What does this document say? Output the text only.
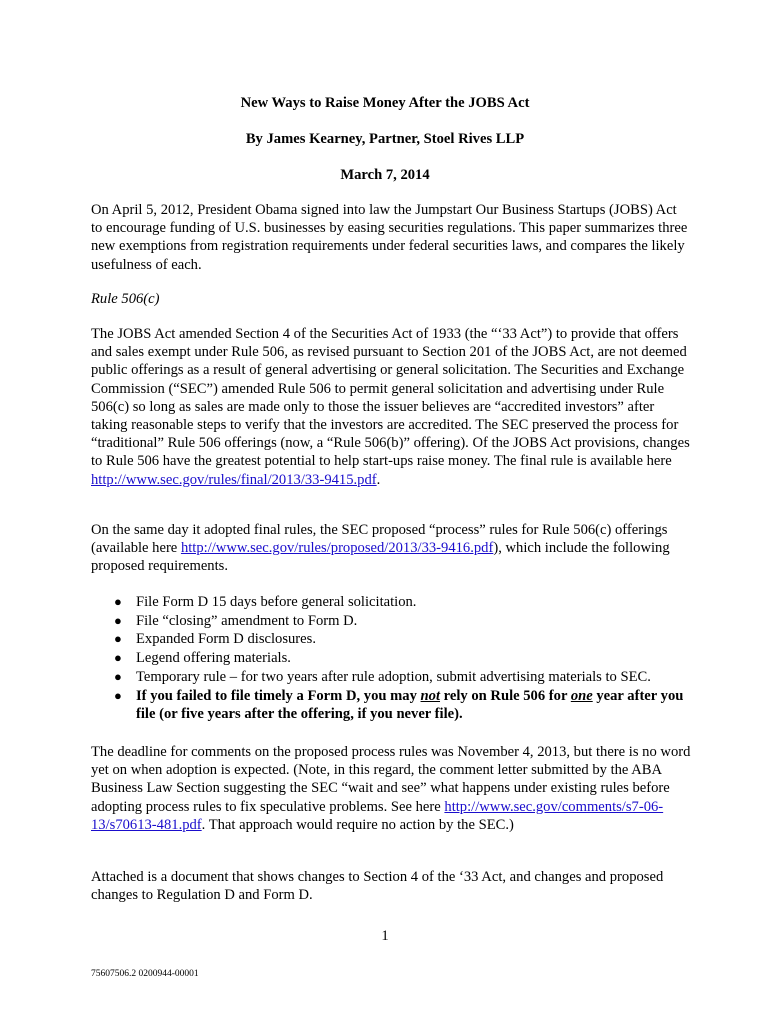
New Ways to Raise Money After the JOBS Act
By James Kearney, Partner, Stoel Rives LLP
March 7, 2014
On April 5, 2012, President Obama signed into law the Jumpstart Our Business Startups (JOBS) Act to encourage funding of U.S. businesses by easing securities regulations. This paper summarizes three new exemptions from registration requirements under federal securities laws, and compares the likely usefulness of each.
Rule 506(c)
The JOBS Act amended Section 4 of the Securities Act of 1933 (the “‘33 Act”) to provide that offers and sales exempt under Rule 506, as revised pursuant to Section 201 of the JOBS Act, are not deemed public offerings as a result of general advertising or general solicitation. The Securities and Exchange Commission (“SEC”) amended Rule 506 to permit general solicitation and advertising under Rule 506(c) so long as sales are made only to those the issuer believes are “accredited investors” after taking reasonable steps to verify that the investors are accredited. The SEC preserved the process for “traditional” Rule 506 offerings (now, a “Rule 506(b)” offering). Of the JOBS Act provisions, changes to Rule 506 have the greatest potential to help start-ups raise money. The final rule is available here http://www.sec.gov/rules/final/2013/33-9415.pdf.
On the same day it adopted final rules, the SEC proposed “process” rules for Rule 506(c) offerings (available here http://www.sec.gov/rules/proposed/2013/33-9416.pdf), which include the following proposed requirements.
● File Form D 15 days before general solicitation.
● File “closing” amendment to Form D.
● Expanded Form D disclosures.
● Legend offering materials.
● Temporary rule – for two years after rule adoption, submit advertising materials to SEC.
● If you failed to file timely a Form D, you may not rely on Rule 506 for one year after you file (or five years after the offering, if you never file).
The deadline for comments on the proposed process rules was November 4, 2013, but there is no word yet on when adoption is expected. (Note, in this regard, the comment letter submitted by the ABA Business Law Section suggesting the SEC “wait and see” what happens under existing rules before adopting process rules to fix speculative problems. See here http://www.sec.gov/comments/s7-06-13/s70613-481.pdf. That approach would require no action by the SEC.)
Attached is a document that shows changes to Section 4 of the ‘33 Act, and changes and proposed changes to Regulation D and Form D.
1
75607506.2 0200944-00001
